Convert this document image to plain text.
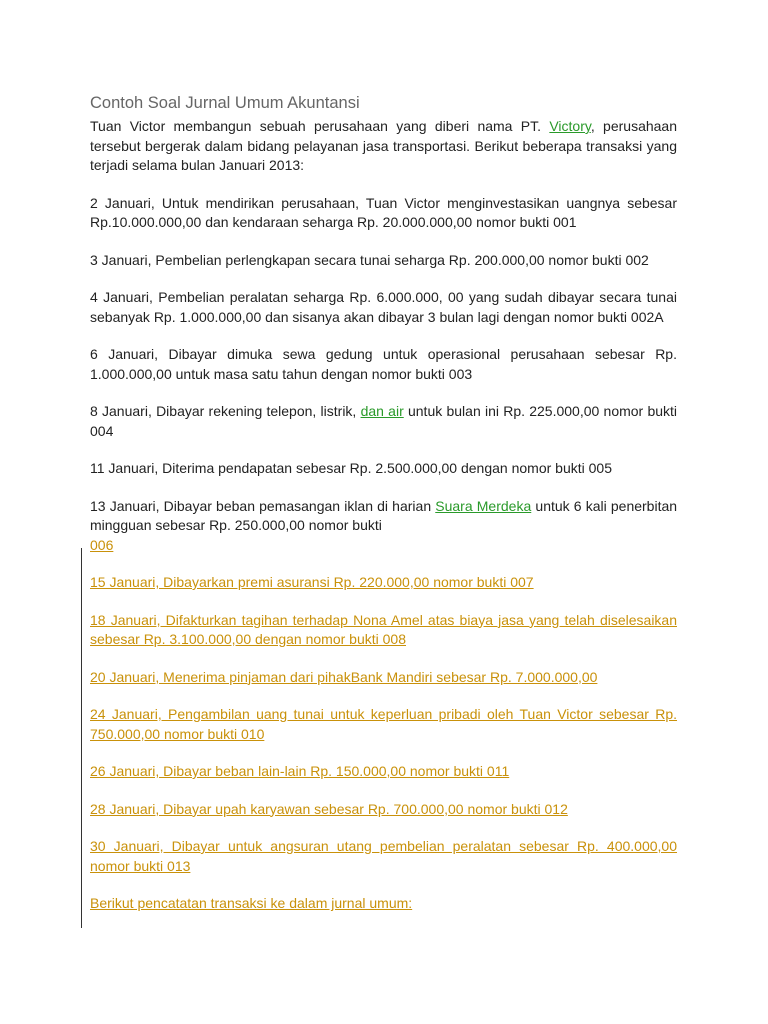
Contoh Soal Jurnal Umum Akuntansi

Tuan Victor membangun sebuah perusahaan yang diberi nama PT. Victory, perusahaan tersebut bergerak dalam bidang pelayanan jasa transportasi. Berikut beberapa transaksi yang terjadi selama bulan Januari 2013:

2 Januari, Untuk mendirikan perusahaan, Tuan Victor menginvestasikan uangnya sebesar Rp.10.000.000,00 dan kendaraan seharga Rp. 20.000.000,00 nomor bukti 001

3 Januari, Pembelian perlengkapan secara tunai seharga Rp. 200.000,00 nomor bukti 002

4 Januari, Pembelian peralatan seharga Rp. 6.000.000, 00 yang sudah dibayar secara tunai sebanyak Rp. 1.000.000,00 dan sisanya akan dibayar 3 bulan lagi dengan nomor bukti 002A

6 Januari, Dibayar dimuka sewa gedung untuk operasional perusahaan sebesar Rp. 1.000.000,00 untuk masa satu tahun dengan nomor bukti 003

8 Januari, Dibayar rekening telepon, listrik, dan air untuk bulan ini Rp. 225.000,00 nomor bukti 004

11 Januari, Diterima pendapatan sebesar Rp. 2.500.000,00 dengan nomor bukti 005

13 Januari, Dibayar beban pemasangan iklan di harian Suara Merdeka untuk 6 kali penerbitan mingguan sebesar Rp. 250.000,00 nomor bukti
006

15 Januari, Dibayarkan premi asuransi Rp. 220.000,00 nomor bukti 007

18 Januari, Difakturkan tagihan terhadap Nona Amel atas biaya jasa yang telah diselesaikan sebesar Rp. 3.100.000,00 dengan nomor bukti 008

20 Januari, Menerima pinjaman dari pihakBank Mandiri sebesar Rp. 7.000.000,00

24 Januari, Pengambilan uang tunai untuk keperluan pribadi oleh Tuan Victor sebesar Rp. 750.000,00 nomor bukti 010

26 Januari, Dibayar beban lain-lain Rp. 150.000,00 nomor bukti 011

28 Januari, Dibayar upah karyawan sebesar Rp. 700.000,00 nomor bukti 012

30 Januari, Dibayar untuk angsuran utang pembelian peralatan sebesar Rp. 400.000,00 nomor bukti 013

Berikut pencatatan transaksi ke dalam jurnal umum:
